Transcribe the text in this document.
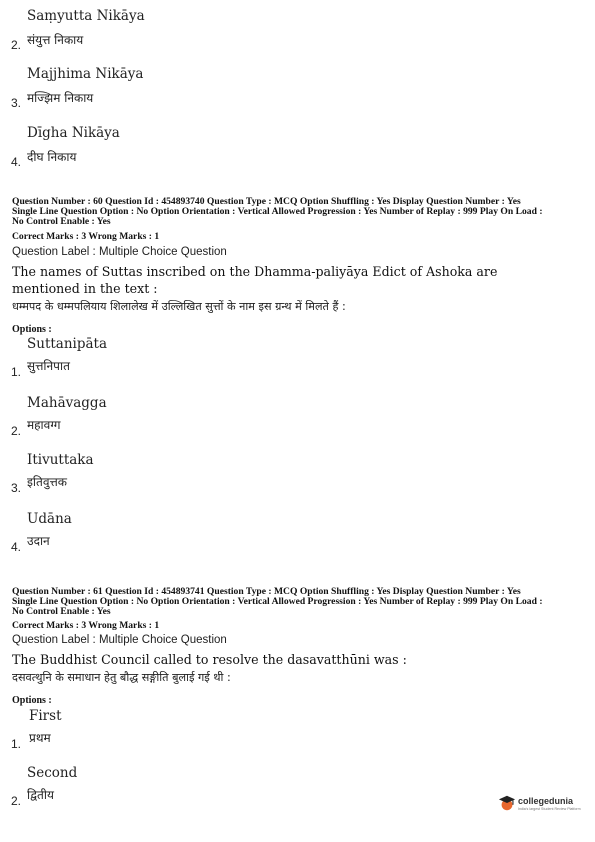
Saṃyutta Nikāya
संयुत्त निकाय
2.
Majjhima Nikāya
मज्झिम निकाय
3.
Dīgha Nikāya
दीघ निकाय
4.
Question Number : 60 Question Id : 454893740 Question Type : MCQ Option Shuffling : Yes Display Question Number : Yes
Single Line Question Option : No Option Orientation : Vertical Allowed Progression : Yes Number of Replay : 999 Play On Load :
No Control Enable : Yes
Correct Marks : 3 Wrong Marks : 1
Question Label : Multiple Choice Question
The names of Suttas inscribed on the Dhamma-paliyāya Edict of Ashoka are mentioned in the text :
धम्मपद के धम्मपलियाय शिलालेख में उल्लिखित सुत्तों के नाम इस ग्रन्थ में मिलते हैं :
Options :
Suttanipāta
सुत्तनिपात
1.
Mahāvagga
महावग्ग
2.
Itivuttaka
इतिवुत्तक
3.
Udāna
उदान
4.
Question Number : 61 Question Id : 454893741 Question Type : MCQ Option Shuffling : Yes Display Question Number : Yes
Single Line Question Option : No Option Orientation : Vertical Allowed Progression : Yes Number of Replay : 999 Play On Load :
No Control Enable : Yes
Correct Marks : 3 Wrong Marks : 1
Question Label : Multiple Choice Question
The Buddhist Council called to resolve the dasavatthūni was :
दसवत्थुनि के समाधान हेतु बौद्ध सङ्गीति बुलाई गई थी :
Options :
First
प्रथम
1.
Second
द्वितीय
2.	collegedunia
India's largest Student Review Platform
